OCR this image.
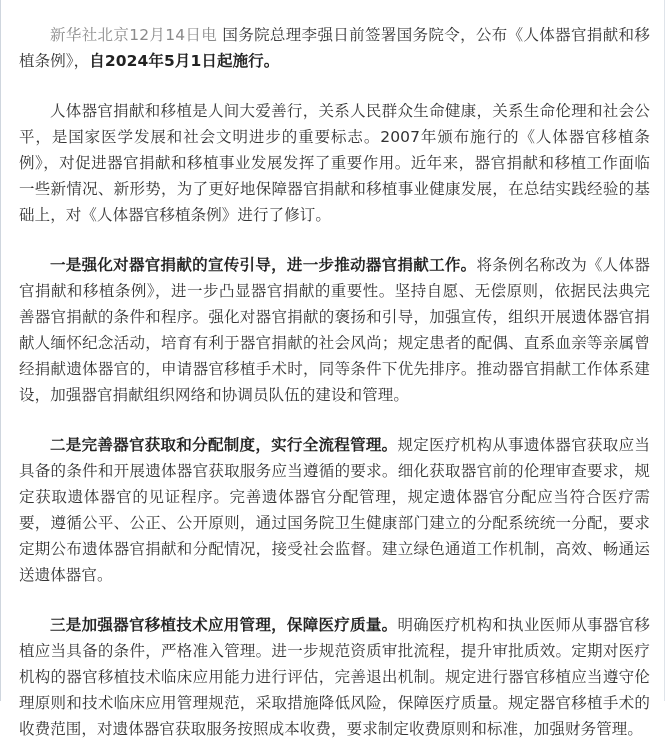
新华社北京12月14日电 国务院总理李强日前签署国务院令，公布《人体器官捐献和移植条例》，自2024年5月1日起施行。

人体器官捐献和移植是人间大爱善行，关系人民群众生命健康，关系生命伦理和社会公平，是国家医学发展和社会文明进步的重要标志。2007年颁布施行的《人体器官移植条例》，对促进器官捐献和移植事业发展发挥了重要作用。近年来，器官捐献和移植工作面临一些新情况、新形势，为了更好地保障器官捐献和移植事业健康发展，在总结实践经验的基础上，对《人体器官移植条例》进行了修订。

一是强化对器官捐献的宣传引导，进一步推动器官捐献工作。将条例名称改为《人体器官捐献和移植条例》，进一步凸显器官捐献的重要性。坚持自愿、无偿原则，依据民法典完善器官捐献的条件和程序。强化对器官捐献的褒扬和引导，加强宣传，组织开展遗体器官捐献人缅怀纪念活动，培育有利于器官捐献的社会风尚；规定患者的配偶、直系血亲等亲属曾经捐献遗体器官的，申请器官移植手术时，同等条件下优先排序。推动器官捐献工作体系建设，加强器官捐献组织网络和协调员队伍的建设和管理。

二是完善器官获取和分配制度，实行全流程管理。规定医疗机构从事遗体器官获取应当具备的条件和开展遗体器官获取服务应当遵循的要求。细化获取器官前的伦理审查要求，规定获取遗体器官的见证程序。完善遗体器官分配管理，规定遗体器官分配应当符合医疗需要，遵循公平、公正、公开原则，通过国务院卫生健康部门建立的分配系统统一分配，要求定期公布遗体器官捐献和分配情况，接受社会监督。建立绿色通道工作机制，高效、畅通运送遗体器官。

三是加强器官移植技术应用管理，保障医疗质量。明确医疗机构和执业医师从事器官移植应当具备的条件，严格准入管理。进一步规范资质审批流程，提升审批质效。定期对医疗机构的器官移植技术临床应用能力进行评估，完善退出机制。规定进行器官移植应当遵守伦理原则和技术临床应用管理规范，采取措施降低风险，保障医疗质量。规定器官移植手术的收费范围，对遗体器官获取服务按照成本收费，要求制定收费原则和标准，加强财务管理。
